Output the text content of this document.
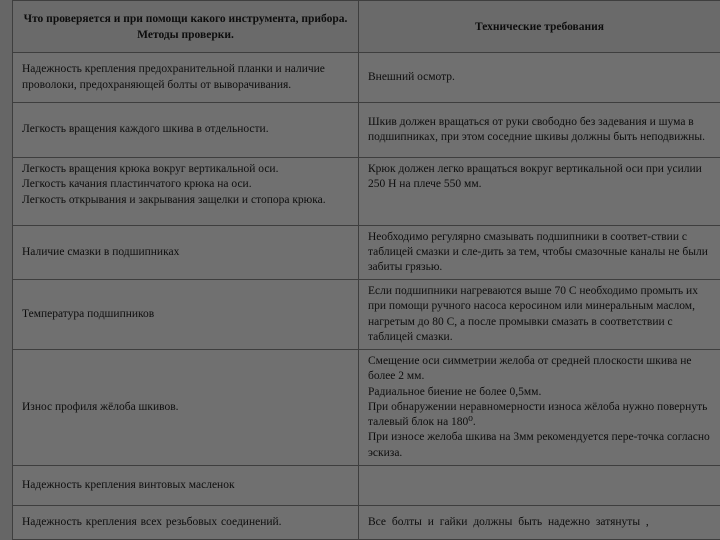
Что проверяется и при помощи какого инструмента, прибора. Методы проверки.	Технические требования
Надежность крепления предохранительной планки и наличие проволоки, предохраняющей болты от выворачивания.	Внешний осмотр.
Легкость вращения каждого шкива в отдельности.	Шкив должен вращаться от руки свободно без задевания и шума в подшипниках, при этом соседние шкивы должны быть неподвижны.

Легкость вращения крюка вокруг вертикальной оси.
Легкость качания пластинчатого крюка на оси.
Легкость открывания и закрывания защелки и стопора крюка.	Крюк должен легко вращаться вокруг вертикальной оси при усилии 250 Н на плече 550 мм.
Наличие смазки в подшипниках	Необходимо регулярно смазывать подшипники в соответ-ствии с таблицей смазки и сле-дить за тем, чтобы смазочные каналы не были забиты грязью.
Температура подшипников	Если подшипники нагреваются выше 70 С необходимо промыть их при помощи ручного насоса керосином или минеральным маслом, нагретым до 80 С, а после промывки смазать в соответствии с таблицей смазки.
Износ профиля жёлоба шкивов.	Смещение оси симметрии желоба от средней плоскости шкива не более 2 мм.
Радиальное биение не более 0,5мм.
При обнаружении неравномерности износа жёлоба нужно повернуть талевый блок на 180⁰.
При износе желоба шкива на 3мм рекомендуется пере-точка согласно эскиза.

Надежность крепления винтовых масленок	
Надежность крепления всех резьбовых соединений.	Все болты и гайки должны быть надежно затянуты ,
